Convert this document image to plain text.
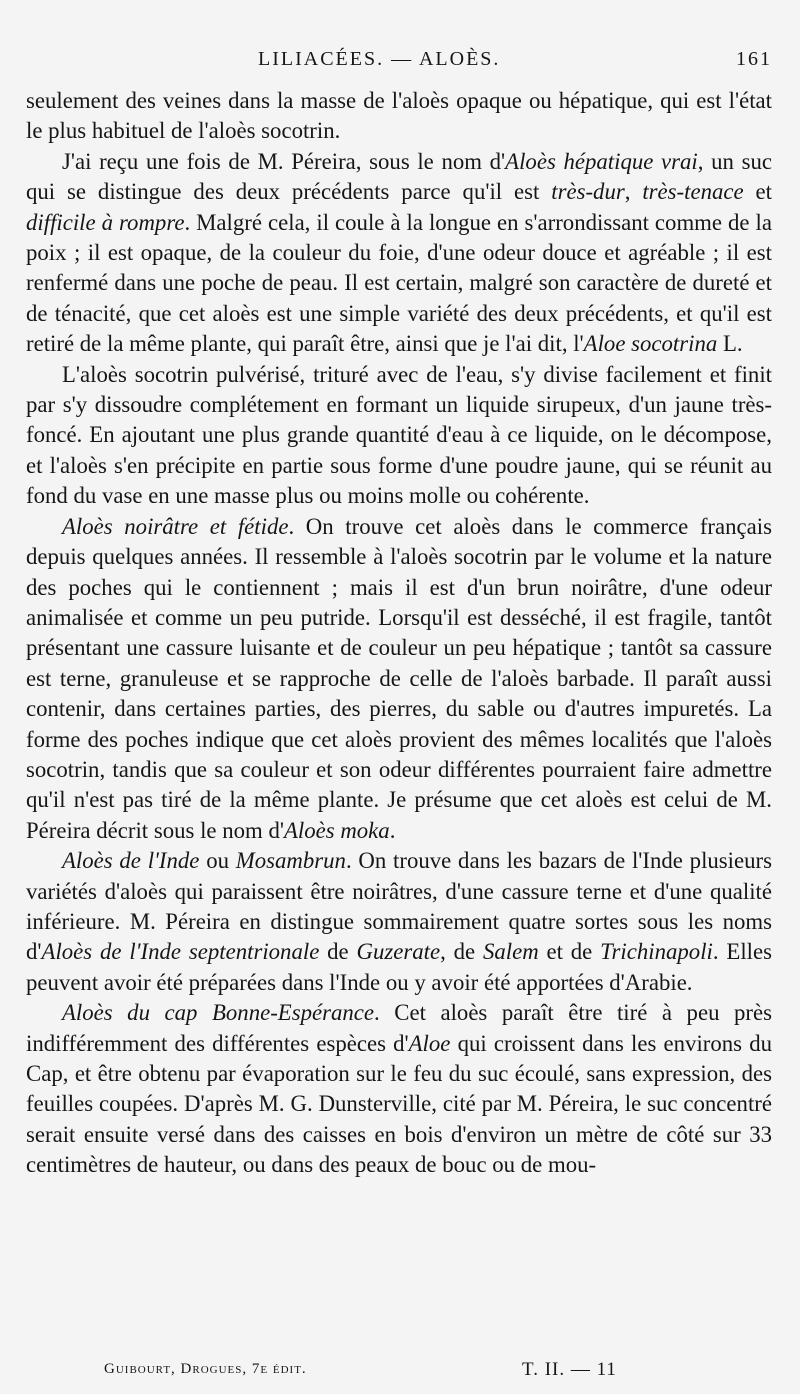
LILIACÉES. — ALOÈS.	161

seulement des veines dans la masse de l'aloès opaque ou hépatique, qui est l'état le plus habituel de l'aloès socotrin.

J'ai reçu une fois de M. Péreira, sous le nom d'Aloès hépatique vrai, un suc qui se distingue des deux précédents parce qu'il est très-dur, très-tenace et difficile à rompre. Malgré cela, il coule à la longue en s'arrondissant comme de la poix ; il est opaque, de la couleur du foie, d'une odeur douce et agréable ; il est renfermé dans une poche de peau. Il est certain, malgré son caractère de dureté et de ténacité, que cet aloès est une simple variété des deux précédents, et qu'il est retiré de la même plante, qui paraît être, ainsi que je l'ai dit, l'Aloe socotrina L.

L'aloès socotrin pulvérisé, trituré avec de l'eau, s'y divise facilement et finit par s'y dissoudre complétement en formant un liquide sirupeux, d'un jaune très-foncé. En ajoutant une plus grande quantité d'eau à ce liquide, on le décompose, et l'aloès s'en précipite en partie sous forme d'une poudre jaune, qui se réunit au fond du vase en une masse plus ou moins molle ou cohérente.

Aloès noirâtre et fétide. On trouve cet aloès dans le commerce français depuis quelques années. Il ressemble à l'aloès socotrin par le volume et la nature des poches qui le contiennent ; mais il est d'un brun noirâtre, d'une odeur animalisée et comme un peu putride. Lorsqu'il est desséché, il est fragile, tantôt présentant une cassure luisante et de couleur un peu hépatique ; tantôt sa cassure est terne, granuleuse et se rapproche de celle de l'aloès barbade. Il paraît aussi contenir, dans certaines parties, des pierres, du sable ou d'autres impuretés. La forme des poches indique que cet aloès provient des mêmes localités que l'aloès socotrin, tandis que sa couleur et son odeur différentes pourraient faire admettre qu'il n'est pas tiré de la même plante. Je présume que cet aloès est celui de M. Péreira décrit sous le nom d'Aloès moka.

Aloès de l'Inde ou Mosambrun. On trouve dans les bazars de l'Inde plusieurs variétés d'aloès qui paraissent être noirâtres, d'une cassure terne et d'une qualité inférieure. M. Péreira en distingue sommairement quatre sortes sous les noms d'Aloès de l'Inde septentrionale de Guzerate, de Salem et de Trichinapoli. Elles peuvent avoir été préparées dans l'Inde ou y avoir été apportées d'Arabie.

Aloès du cap Bonne-Espérance. Cet aloès paraît être tiré à peu près indifféremment des différentes espèces d'Aloe qui croissent dans les environs du Cap, et être obtenu par évaporation sur le feu du suc écoulé, sans expression, des feuilles coupées. D'après M. G. Dunsterville, cité par M. Péreira, le suc concentré serait ensuite versé dans des caisses en bois d'environ un mètre de côté sur 33 centimètres de hauteur, ou dans des peaux de bouc ou de mou-

Guibourt, Drogues, 7e édit.	T. II. — 11
